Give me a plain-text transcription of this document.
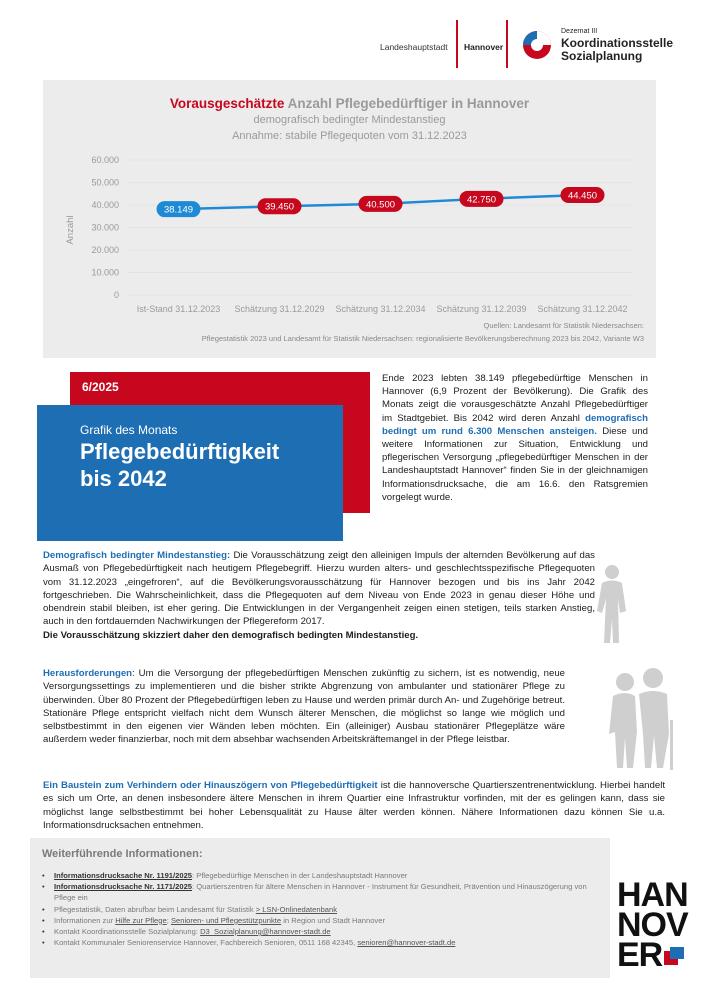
Landeshauptstadt Hannover
Dezernat III
Koordinationsstelle
Sozialplanung
Vorausgeschätzte Anzahl Pflegebedürftiger in Hannover
demografisch bedingter Mindestanstieg
Annahme: stabile Pflegequoten vom 31.12.2023
0
10.000
20.000
30.000
40.000
50.000
60.000
Anzahl
Ist-Stand 31.12.2023 Schätzung 31.12.2029 Schätzung 31.12.2034 Schätzung 31.12.2039 Schätzung 31.12.2042
38.149	39.450	40.500	42.750	44.450
Quellen: Landesamt für Statistik Niedersachsen:
Pflegestatistik 2023 und Landesamt für Statistik Niedersachsen: regionalisierte Bevölkerungsberechnung 2023 bis 2042, Variante W3
6/2025
Grafik des Monats
Pflegebedürftigkeit
bis 2042
Ende 2023 lebten 38.149 pflegebedürftige Menschen in Hannover (6,9 Prozent der Bevölkerung). Die Grafik des Monats zeigt die vorausgeschätzte Anzahl Pflegebedürftiger im Stadtgebiet. Bis 2042 wird deren Anzahl demografisch bedingt um rund 6.300 Menschen ansteigen. Diese und weitere Informationen zur Situation, Entwicklung und pflegerischen Versorgung „pflegebedürftiger Menschen in der Landeshauptstadt Hannover“ finden Sie in der gleichnamigen Informationsdrucksache, die am 16.6. den Ratsgremien vorgelegt wurde.
Demografisch bedingter Mindestanstieg: Die Vorausschätzung zeigt den alleinigen Impuls der alternden Bevölkerung auf das Ausmaß von Pflegebedürftigkeit nach heutigem Pflegebegriff. Hierzu wurden alters- und geschlechtsspezifische Pflegequoten vom 31.12.2023 „eingefroren“, auf die Bevölkerungsvorausschätzung für Hannover bezogen und bis ins Jahr 2042 fortgeschrieben. Die Wahrscheinlichkeit, dass die Pflegequoten auf dem Niveau von Ende 2023 in genau dieser Höhe und obendrein stabil bleiben, ist eher gering. Die Entwicklungen in der Vergangenheit zeigen einen stetigen, teils starken Anstieg, auch in den fortdauernden Nachwirkungen der Pflegereform 2017.
Die Vorausschätzung skizziert daher den demografisch bedingten Mindestanstieg.
Herausforderungen: Um die Versorgung der pflegebedürftigen Menschen zukünftig zu sichern, ist es notwendig, neue Versorgungssettings zu implementieren und die bisher strikte Abgrenzung von ambulanter und stationärer Pflege zu überwinden. Über 80 Prozent der Pflegebedürftigen leben zu Hause und werden primär durch An- und Zugehörige betreut. Stationäre Pflege entspricht vielfach nicht dem Wunsch älterer Menschen, die möglichst so lange wie möglich und selbstbestimmt in den eigenen vier Wänden leben möchten. Ein (alleiniger) Ausbau stationärer Pflegeplätze wäre außerdem weder finanzierbar, noch mit dem absehbar wachsenden Arbeitskräftemangel in der Pflege leistbar.
Ein Baustein zum Verhindern oder Hinauszögern von Pflegebedürftigkeit ist die hannoversche Quartierszentrenentwicklung. Hierbei handelt es sich um Orte, an denen insbesondere ältere Menschen in ihrem Quartier eine Infrastruktur vorfinden, mit der es gelingen kann, dass sie möglichst lange selbstbestimmt bei hoher Lebensqualität zu Hause älter werden können. Nähere Informationen dazu können Sie u.a. Informationsdrucksachen entnehmen.
Weiterführende Informationen:
• Informationsdrucksache Nr. 1191/2025: Pflegebedürftige Menschen in der Landeshauptstadt Hannover
• Informationsdrucksache Nr. 1171/2025: Quartierszentren für ältere Menschen in Hannover - Instrument für Gesundheit, Prävention und Hinauszögerung von Pflege ein
• Pflegestatistik, Daten abrufbar beim Landesamt für Statistik > LSN-Onlinedatenbank
• Informationen zur Hilfe zur Pflege; Senioren- und Pflegestützpunkte in Region und Stadt Hannover
• Kontakt Koordinationsstelle Sozialplanung: D3_Sozialplanung@hannover-stadt.de
• Kontakt Kommunaler Seniorenservice Hannover, Fachbereich Senioren, 0511 168 42345, senioren@hannover-stadt.de
HAN
NOV
ER
